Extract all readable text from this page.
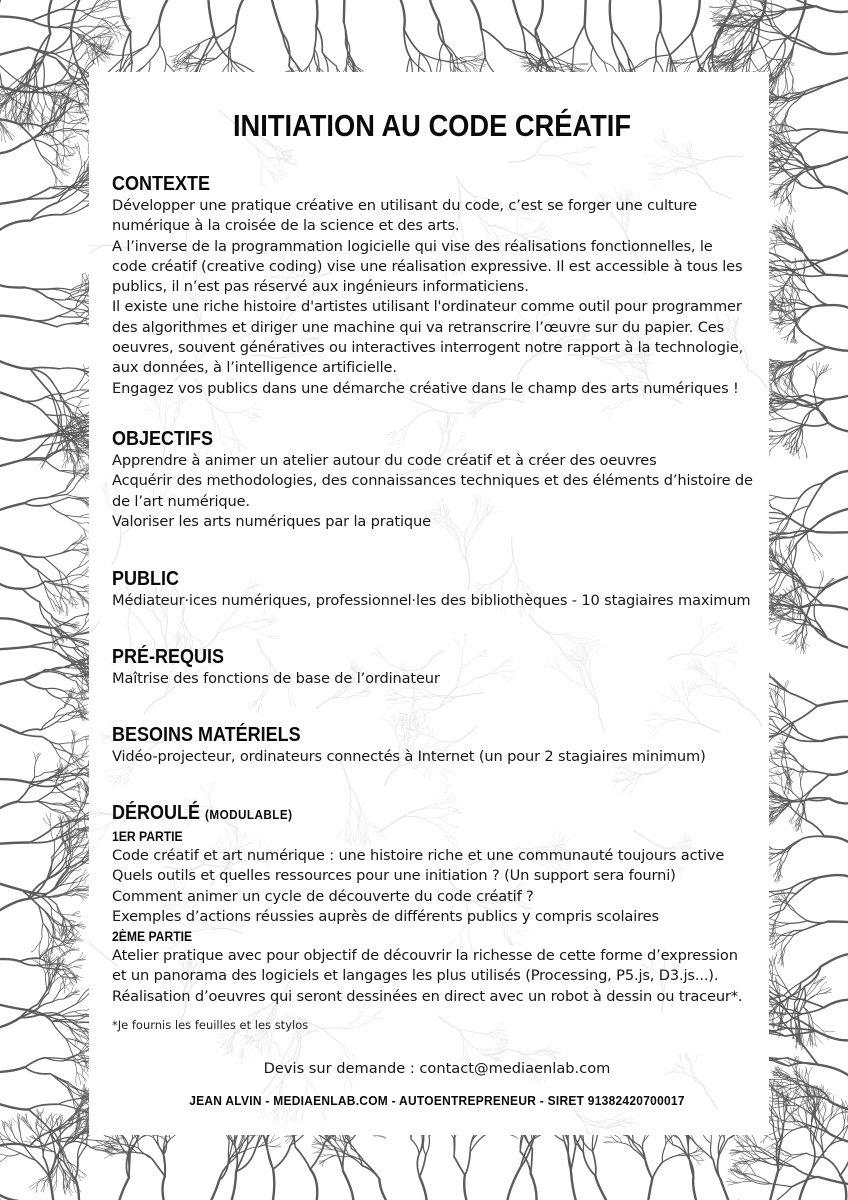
INITIATION AU CODE CRÉATIF
CONTEXTE
Développer une pratique créative en utilisant du code, c’est se forger une culture
numérique à la croisée de la science et des arts.
A l’inverse de la programmation logicielle qui vise des réalisations fonctionnelles, le
code créatif (creative coding) vise une réalisation expressive. Il est accessible à tous les
publics, il n’est pas réservé aux ingénieurs informaticiens.
Il existe une riche histoire d'artistes utilisant l'ordinateur comme outil pour programmer
des algorithmes et diriger une machine qui va retranscrire l’œuvre sur du papier. Ces
oeuvres, souvent génératives ou interactives interrogent notre rapport à la technologie,
aux données, à l’intelligence artificielle.
Engagez vos publics dans une démarche créative dans le champ des arts numériques !
OBJECTIFS
Apprendre à animer un atelier autour du code créatif et à créer des oeuvres
Acquérir des methodologies, des connaissances techniques et des éléments d’histoire de
de l’art numérique.
Valoriser les arts numériques par la pratique
PUBLIC
Médiateur·ices numériques, professionnel·les des bibliothèques - 10 stagiaires maximum
PRÉ-REQUIS
Maîtrise des fonctions de base de l’ordinateur
BESOINS MATÉRIELS
Vidéo-projecteur, ordinateurs connectés à Internet (un pour 2 stagiaires minimum)
DÉROULÉ (MODULABLE)
1ER PARTIE
Code créatif et art numérique : une histoire riche et une communauté toujours active
Quels outils et quelles ressources pour une initiation ? (Un support sera fourni)
Comment animer un cycle de découverte du code créatif ?
Exemples d’actions réussies auprès de différents publics y compris scolaires
2ÈME PARTIE
Atelier pratique avec pour objectif de découvrir la richesse de cette forme d’expression
et un panorama des logiciels et langages les plus utilisés (Processing, P5.js, D3.js...).
Réalisation d’oeuvres qui seront dessinées en direct avec un robot à dessin ou traceur*.
*Je fournis les feuilles et les stylos
Devis sur demande : contact@mediaenlab.com
JEAN ALVIN - MEDIAENLAB.COM - AUTOENTREPRENEUR - SIRET 91382420700017
